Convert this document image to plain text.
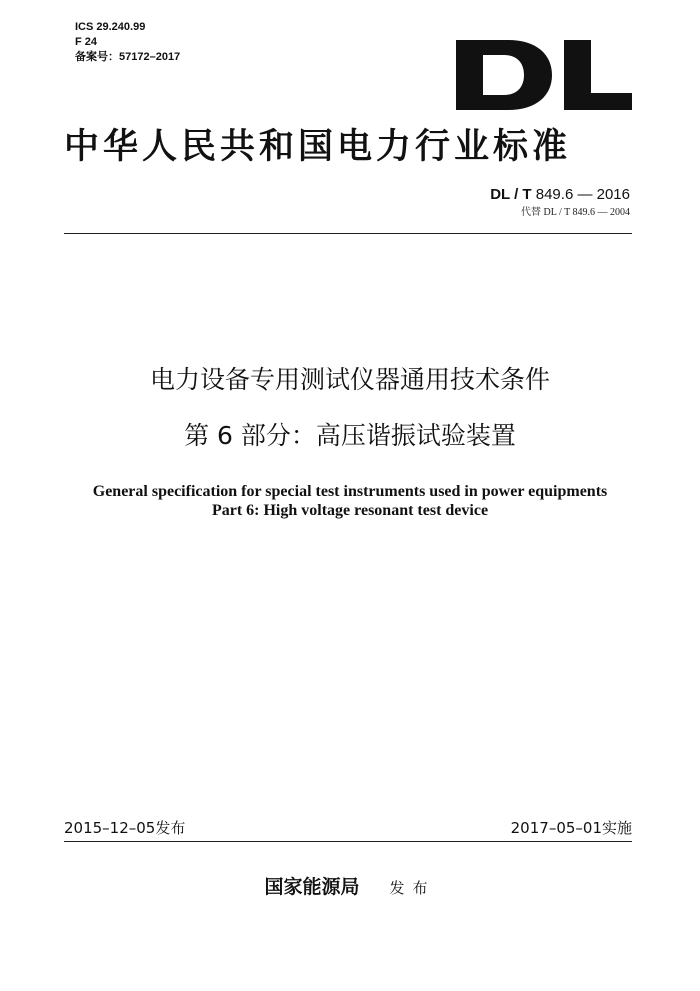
ICS 29.240.99
F 24
备案号：57172–2017
中华人民共和国电力行业标准
DL / T 849.6 — 2016
代替 DL / T 849.6 — 2004
电力设备专用测试仪器通用技术条件
第 6 部分：高压谐振试验装置
General specification for special test instruments used in power equipments
Part 6: High voltage resonant test device
2015–12–05发布	2017–05–01实施
国家能源局 发布
